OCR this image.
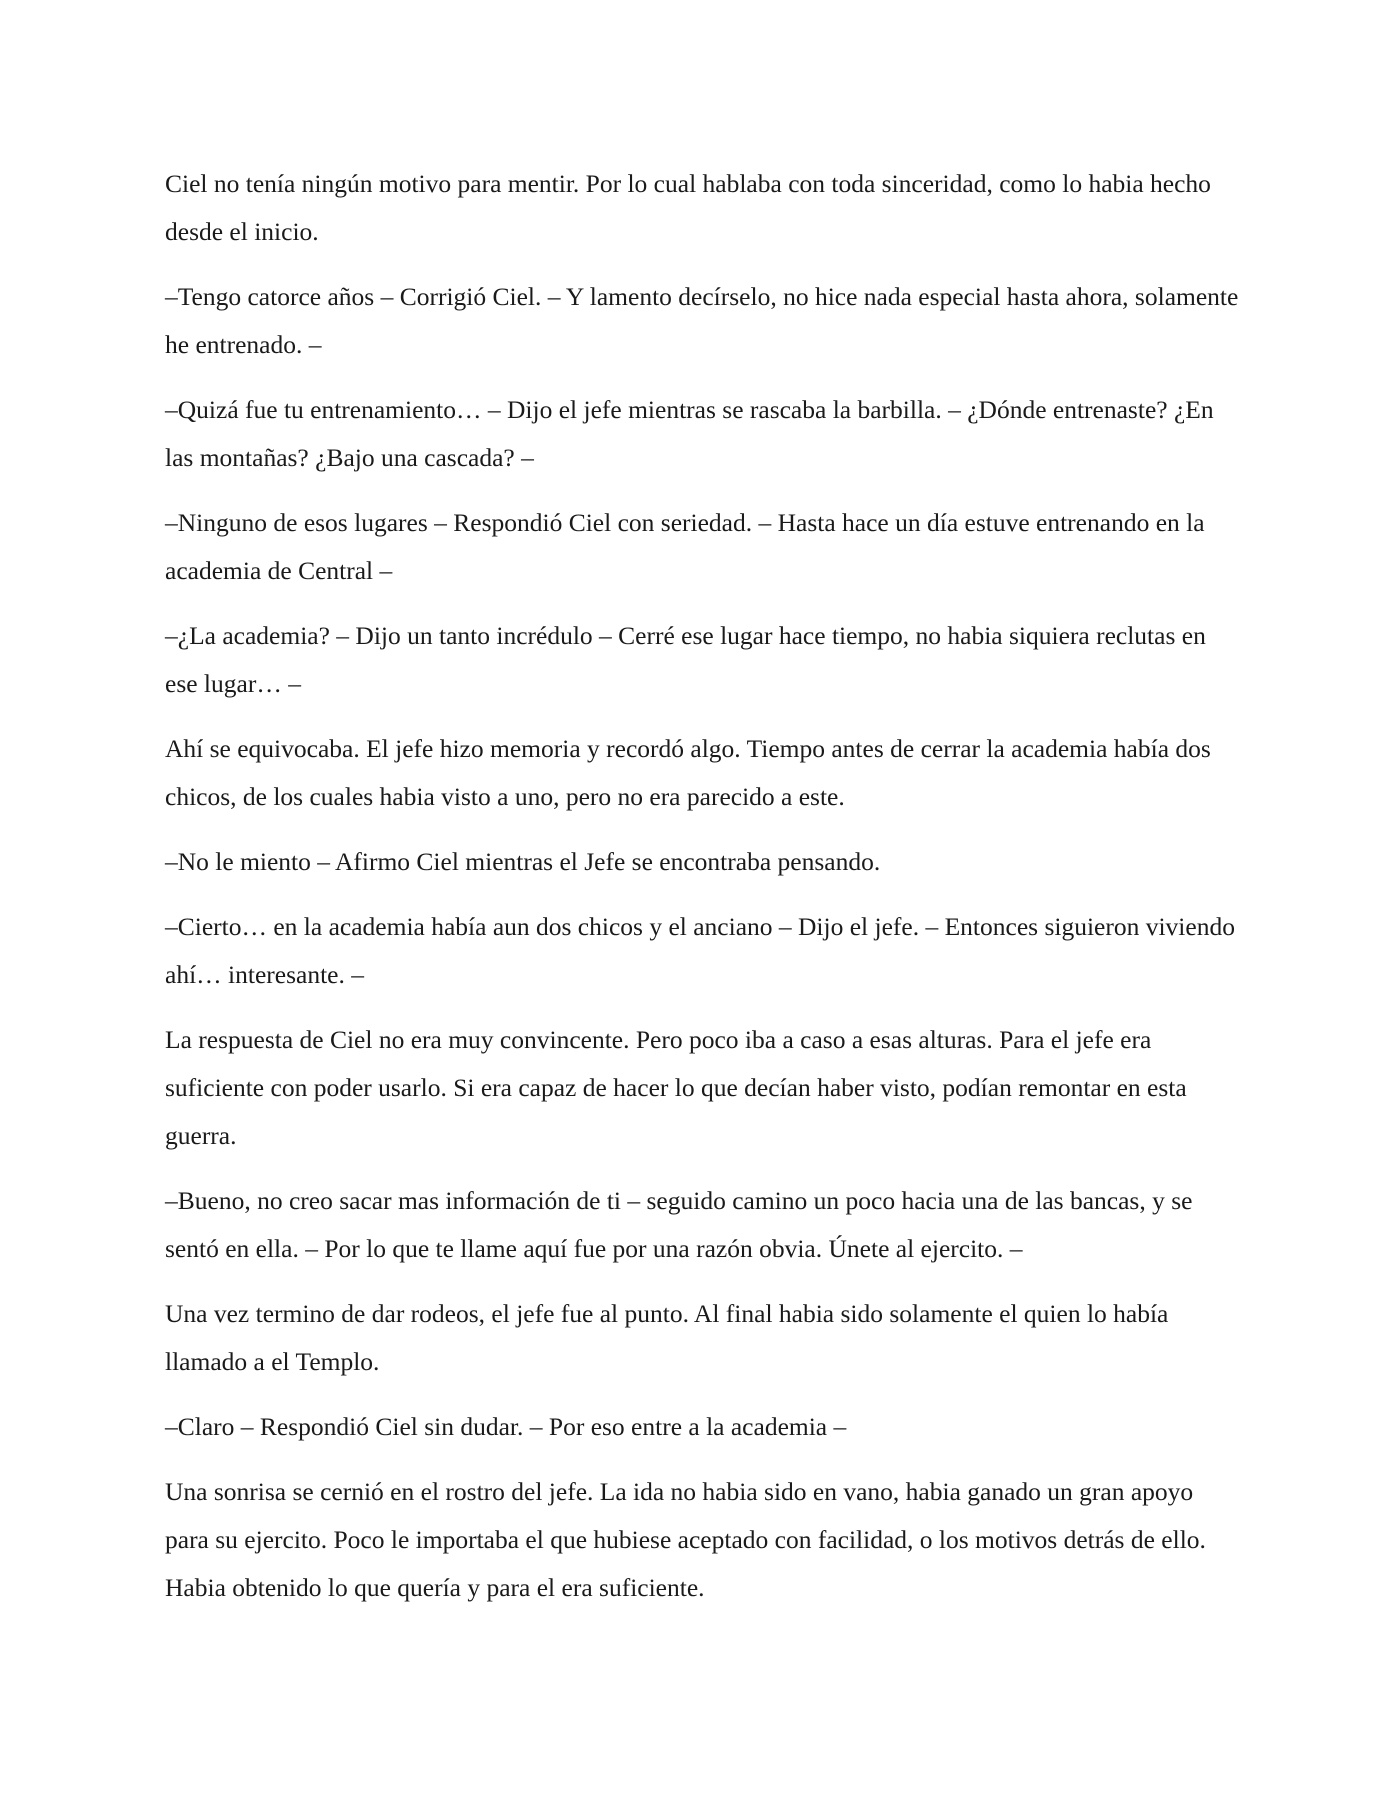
Ciel no tenía ningún motivo para mentir. Por lo cual hablaba con toda sinceridad, como lo habia hecho desde el inicio.

–Tengo catorce años – Corrigió Ciel. – Y lamento decírselo, no hice nada especial hasta ahora, solamente he entrenado. –

–Quizá fue tu entrenamiento… – Dijo el jefe mientras se rascaba la barbilla. – ¿Dónde entrenaste? ¿En las montañas? ¿Bajo una cascada? –

–Ninguno de esos lugares – Respondió Ciel con seriedad. – Hasta hace un día estuve entrenando en la academia de Central –

–¿La academia? – Dijo un tanto incrédulo – Cerré ese lugar hace tiempo, no habia siquiera reclutas en ese lugar… –

Ahí se equivocaba. El jefe hizo memoria y recordó algo. Tiempo antes de cerrar la academia había dos chicos, de los cuales habia visto a uno, pero no era parecido a este.

–No le miento – Afirmo Ciel mientras el Jefe se encontraba pensando.

–Cierto… en la academia había aun dos chicos y el anciano – Dijo el jefe. – Entonces siguieron viviendo ahí… interesante. –

La respuesta de Ciel no era muy convincente. Pero poco iba a caso a esas alturas. Para el jefe era suficiente con poder usarlo. Si era capaz de hacer lo que decían haber visto, podían remontar en esta guerra.

–Bueno, no creo sacar mas información de ti – seguido camino un poco hacia una de las bancas, y se sentó en ella. – Por lo que te llame aquí fue por una razón obvia. Únete al ejercito. –

Una vez termino de dar rodeos, el jefe fue al punto. Al final habia sido solamente el quien lo había llamado a el Templo.

–Claro – Respondió Ciel sin dudar. – Por eso entre a la academia –

Una sonrisa se cernió en el rostro del jefe. La ida no habia sido en vano, habia ganado un gran apoyo para su ejercito. Poco le importaba el que hubiese aceptado con facilidad, o los motivos detrás de ello. Habia obtenido lo que quería y para el era suficiente.
